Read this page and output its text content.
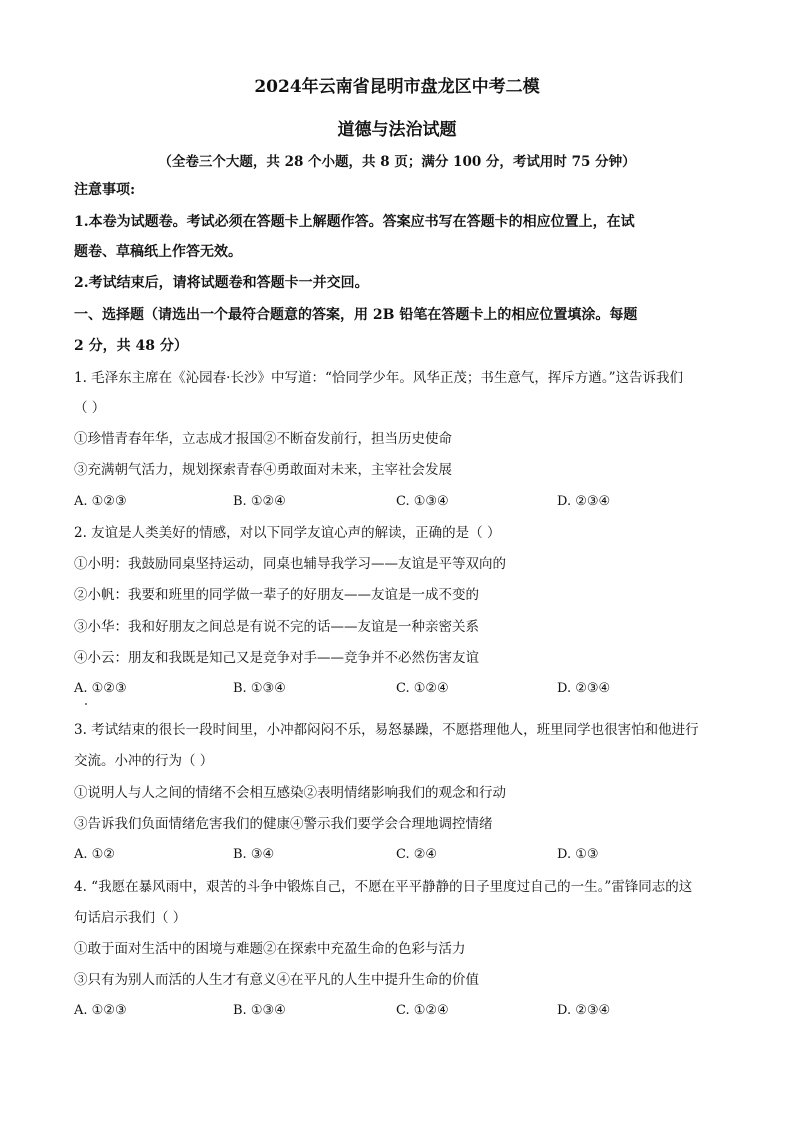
2024年云南省昆明市盘龙区中考二模
道德与法治试题
（全卷三个大题，共 28 个小题，共 8 页；满分 100 分，考试用时 75 分钟）
注意事项:
1.本卷为试题卷。考试必须在答题卡上解题作答。答案应书写在答题卡的相应位置上，在试
题卷、草稿纸上作答无效。
2.考试结束后，请将试题卷和答题卡一并交回。
一、选择题（请选出一个最符合题意的答案，用 2B 铅笔在答题卡上的相应位置填涂。每题
2 分，共 48 分）
1. 毛泽东主席在《沁园春·长沙》中写道：“恰同学少年。风华正茂；书生意气，挥斥方遒。”这告诉我们
（ ）
①珍惜青春年华，立志成才报国②不断奋发前行，担当历史使命
③充满朝气活力，规划探索青春④勇敢面对未来，主宰社会发展
A. ①②③	B. ①②④	C. ①③④	D. ②③④
2. 友谊是人类美好的情感，对以下同学友谊心声的解读，正确的是（ ）
①小明：我鼓励同桌坚持运动，同桌也辅导我学习——友谊是平等双向的
②小帆：我要和班里的同学做一辈子的好朋友——友谊是一成不变的
③小华：我和好朋友之间总是有说不完的话——友谊是一种亲密关系
④小云：朋友和我既是知己又是竞争对手——竞争并不必然伤害友谊
A. ①②③	B. ①③④	C. ①②④	D. ②③④
3. 考试结束的很长一段时间里，小冲都闷闷不乐，易怒暴躁，不愿搭理他人，班里同学也很害怕和他进行
交流。小冲的行为（ ）
①说明人与人之间的情绪不会相互感染②表明情绪影响我们的观念和行动
③告诉我们负面情绪危害我们的健康④警示我们要学会合理地调控情绪
A. ①②	B. ③④	C. ②④	D. ①③
4. “我愿在暴风雨中，艰苦的斗争中锻炼自己，不愿在平平静静的日子里度过自己的一生。”雷锋同志的这
句话启示我们（ ）
①敢于面对生活中的困境与难题②在探索中充盈生命的色彩与活力
③只有为别人而活的人生才有意义④在平凡的人生中提升生命的价值
A. ①②③	B. ①③④	C. ①②④	D. ②③④
